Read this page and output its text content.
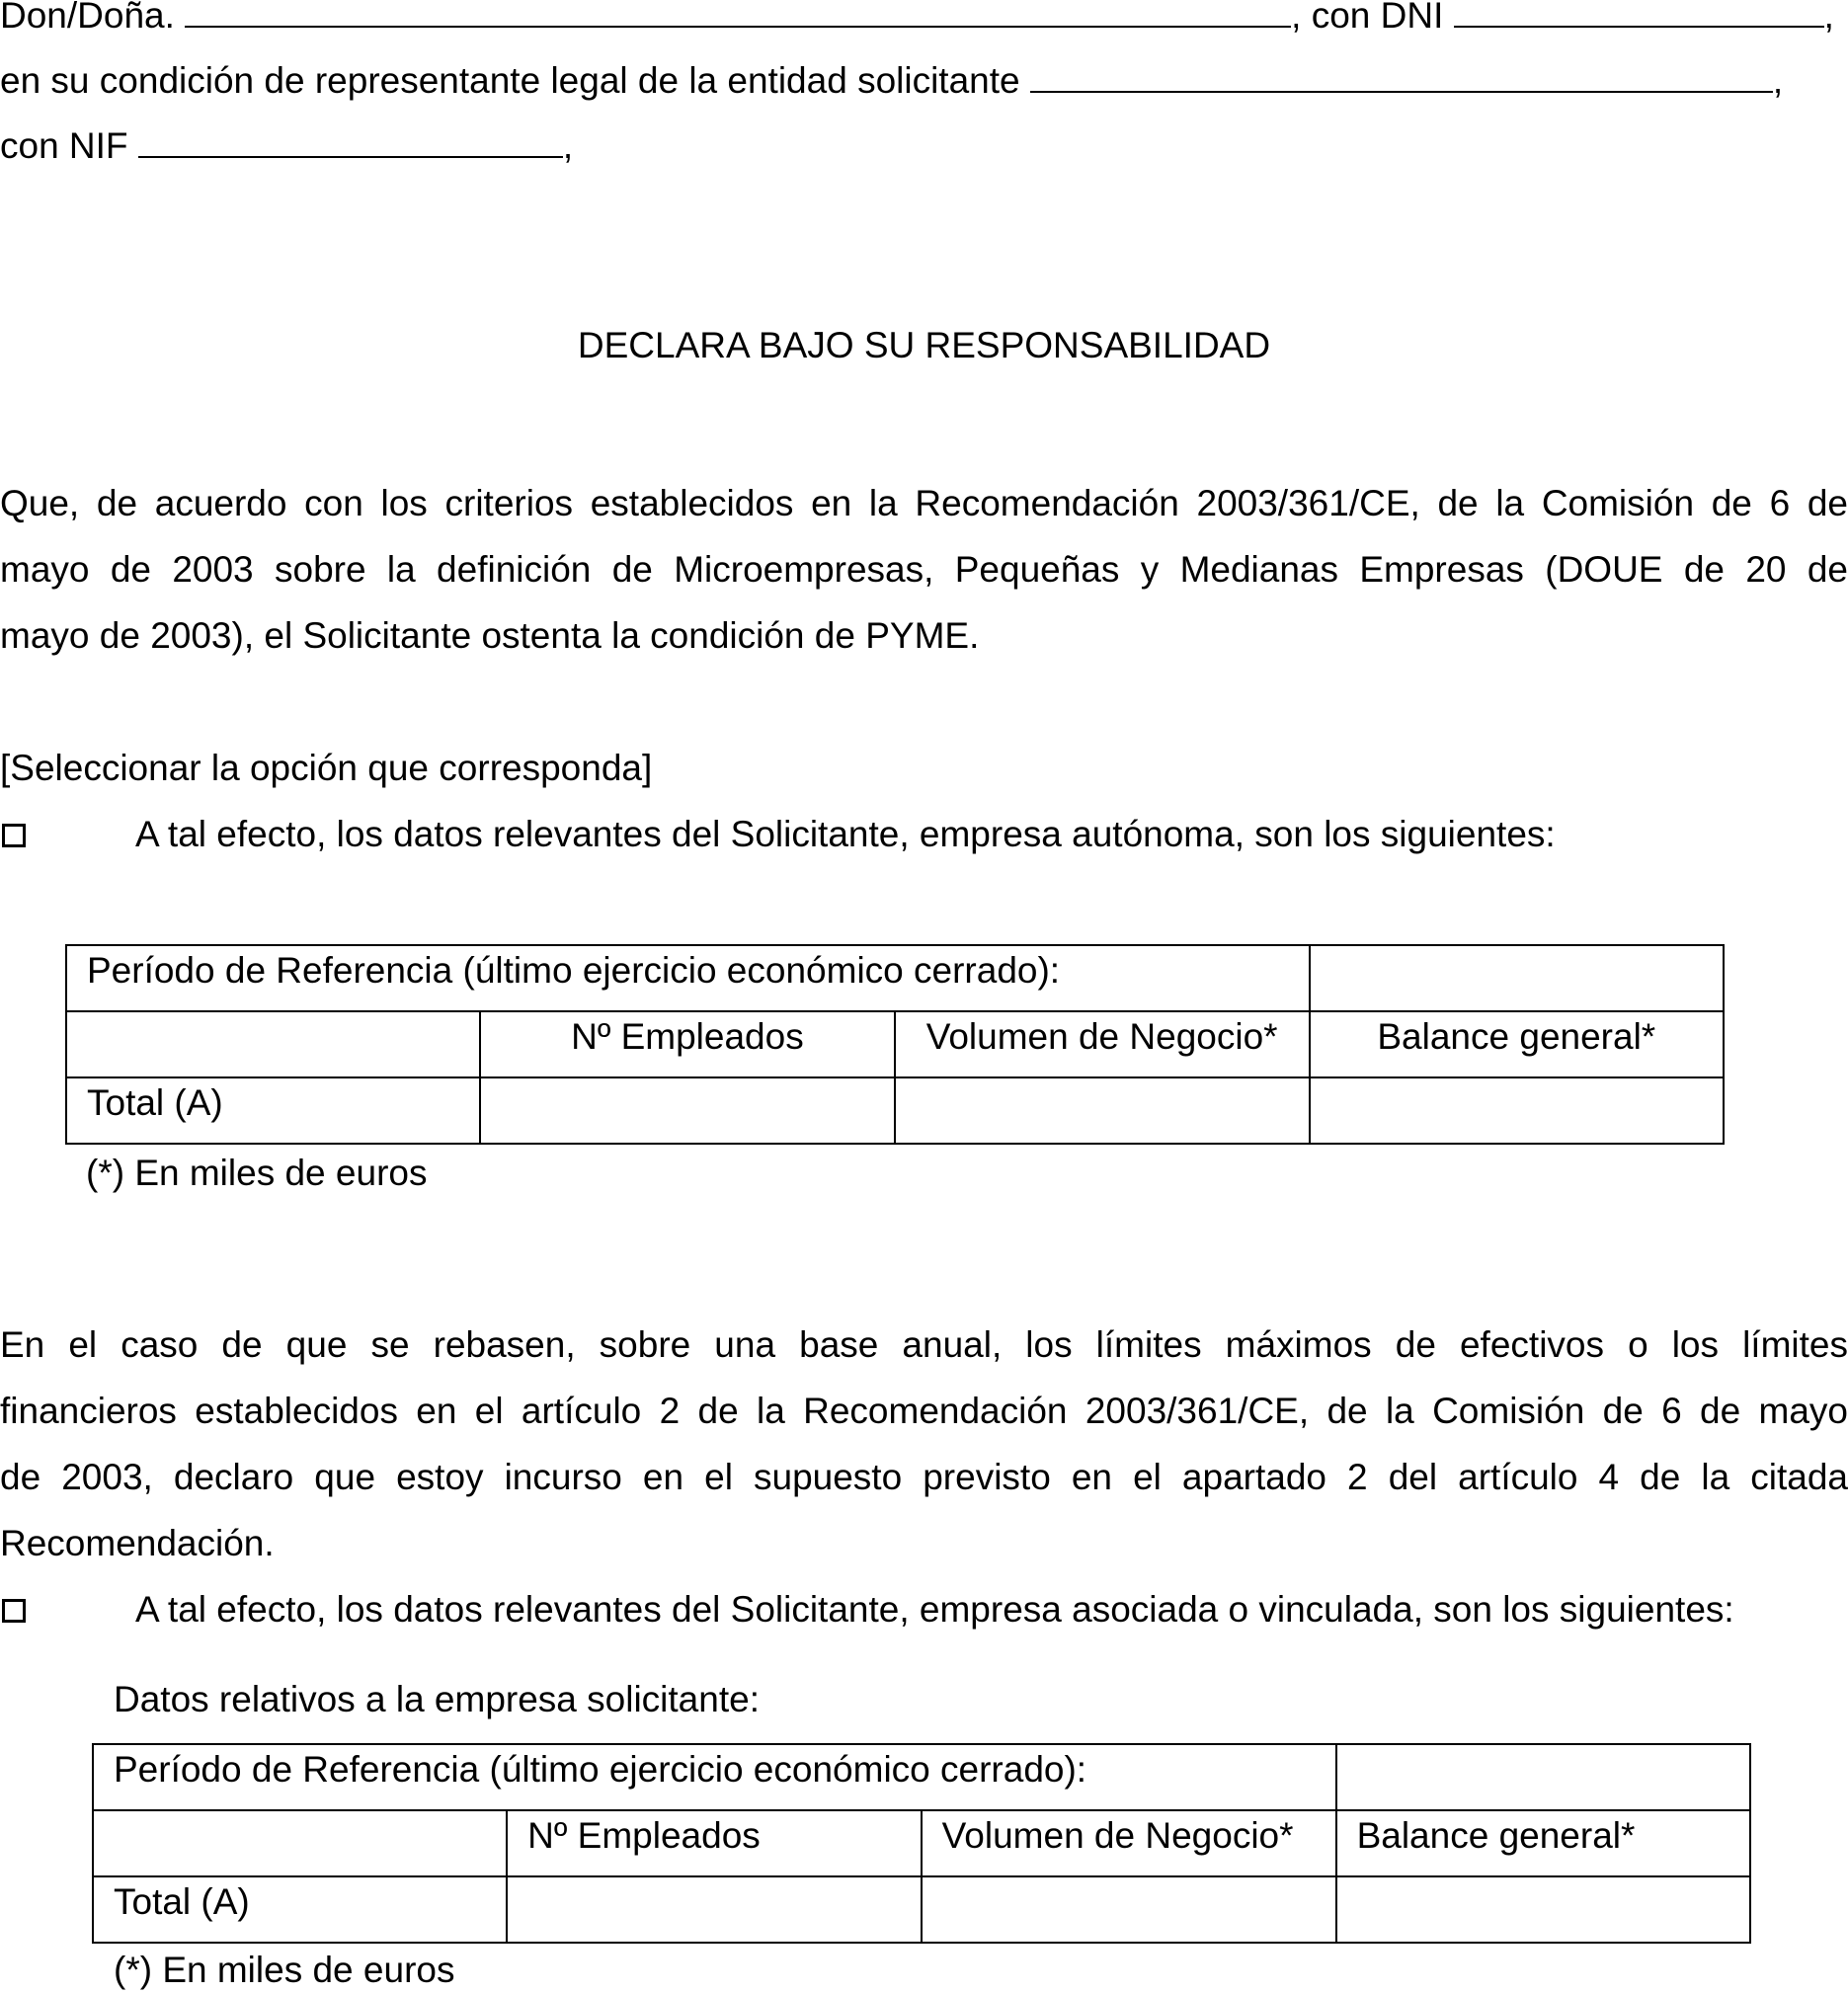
Don/Doña.	, con DNI	,
en su condición de representante legal de la entidad solicitante	,
con NIF	,
DECLARA BAJO SU RESPONSABILIDAD
Que, de acuerdo con los criterios establecidos en la Recomendación 2003/361/CE, de la Comisión de 6 de
mayo de 2003 sobre la definición de Microempresas, Pequeñas y Medianas Empresas (DOUE de 20 de
mayo de 2003), el Solicitante ostenta la condición de PYME.
[Seleccionar la opción que corresponda]
A tal efecto, los datos relevantes del Solicitante, empresa autónoma, son los siguientes:
Período de Referencia (último ejercicio económico cerrado):			
	Nº Empleados	Volumen de Negocio*	Balance general*
Total (A)			
(*) En miles de euros
En el caso de que se rebasen, sobre una base anual, los límites máximos de efectivos o los límites
financieros establecidos en el artículo 2 de la Recomendación 2003/361/CE, de la Comisión de 6 de mayo
de 2003, declaro que estoy incurso en el supuesto previsto en el apartado 2 del artículo 4 de la citada
Recomendación.
A tal efecto, los datos relevantes del Solicitante, empresa asociada o vinculada, son los siguientes:
Datos relativos a la empresa solicitante:
Período de Referencia (último ejercicio económico cerrado):			
	Nº Empleados	Volumen de Negocio*	Balance general*
Total (A)			
(*) En miles de euros
